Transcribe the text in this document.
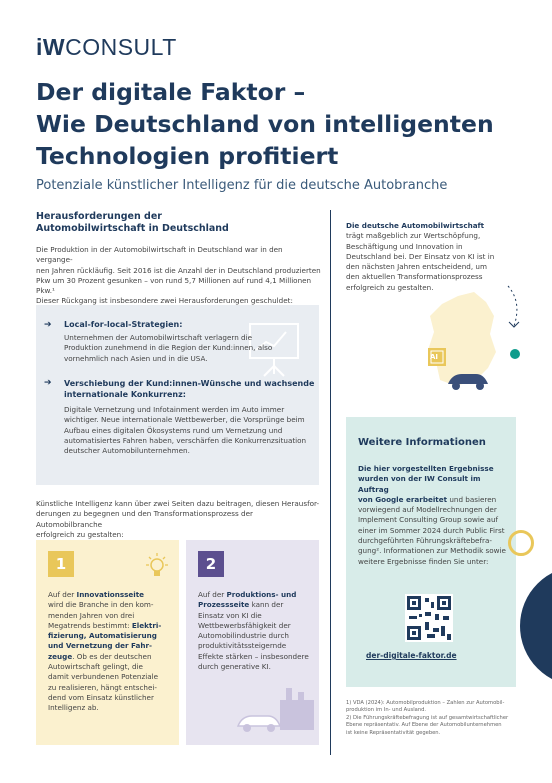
iWCONSULT
Der digitale Faktor –
Wie Deutschland von intelligenten
Technologien profitiert
Potenziale künstlicher Intelligenz für die deutsche Autobranche
Herausforderungen der
Automobilwirtschaft in Deutschland
Die Produktion in der Automobilwirtschaft in Deutschland war in den vergange-
nen Jahren rückläufig. Seit 2016 ist die Anzahl der in Deutschland produzierten
Pkw um 30 Prozent gesunken – von rund 5,7 Millionen auf rund 4,1 Millionen Pkw.¹
Dieser Rückgang ist insbesondere zwei Herausforderungen geschuldet:
➔ Local-for-local-Strategien:
Unternehmen der Automobilwirtschaft verlagern die
Produktion zunehmend in die Region der Kund:innen, also
vornehmlich nach Asien und in die USA.
➔ Verschiebung der Kund:innen-Wünsche und wachsende
internationale Konkurrenz:
Digitale Vernetzung und Infotainment werden im Auto immer
wichtiger. Neue internationale Wettbewerber, die Vorsprünge beim
Aufbau eines digitalen Ökosystems rund um Vernetzung und
automatisiertes Fahren haben, verschärfen die Konkurrenzsituation
deutscher Automobilunternehmen.
Künstliche Intelligenz kann über zwei Seiten dazu beitragen, diesen Herausfor-
derungen zu begegnen und den Transformationsprozess der Automobilbranche
erfolgreich zu gestalten:
1
Auf der Innovationsseite
wird die Branche in den kom-
menden Jahren von drei
Megatrends bestimmt: Elektri-
fizierung, Automatisierung
und Vernetzung der Fahr-
zeuge. Ob es der deutschen
Autowirtschaft gelingt, die
damit verbundenen Potenziale
zu realisieren, hängt entschei-
dend vom Einsatz künstlicher
Intelligenz ab.
2
Auf der Produktions- und
Prozessseite kann der
Einsatz von KI die
Wettbewerbsfähigkeit der
Automobilindustrie durch
produktivitätssteigernde
Effekte stärken – insbesondere
durch generative KI.
Die deutsche Automobilwirtschaft
trägt maßgeblich zur Wertschöpfung,
Beschäftigung und Innovation in
Deutschland bei. Der Einsatz von KI ist in
den nächsten Jahren entscheidend, um
den aktuellen Transformationsprozess
erfolgreich zu gestalten.
AI
Weitere Informationen
Die hier vorgestellten Ergebnisse
wurden von der IW Consult im Auftrag
von Google erarbeitet und basieren
vorwiegend auf Modellrechnungen der
Implement Consulting Group sowie auf
einer im Sommer 2024 durch Public First
durchgeführten Führungskräftebefra-
gung². Informationen zur Methodik sowie
weitere Ergebnisse finden Sie unter:
der-digitale-faktor.de
1) VDA (2024): Automobilproduktion – Zahlen zur Automobil-
produktion im In- und Ausland.
2) Die Führungskräftebefragung ist auf gesamtwirtschaftlicher
Ebene repräsentativ. Auf Ebene der Automobilunternehmen
ist keine Repräsentativität gegeben.
